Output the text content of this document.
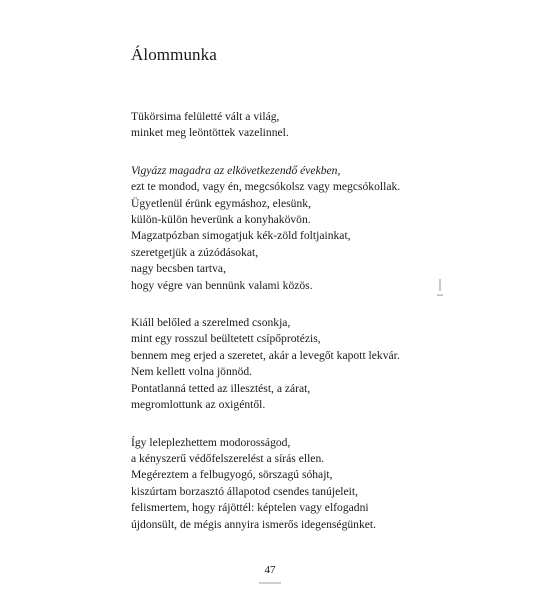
Álommunka
Tükörsima felületté vált a világ,
minket meg leöntöttek vazelinnel.
Vigyázz magadra az elkövetkezendő években,
ezt te mondod, vagy én, megcsókolsz vagy megcsókollak.
Ügyetlenül érünk egymáshoz, elesünk,
külön-külön heverünk a konyhakövön.
Magzatpózban simogatjuk kék-zöld foltjainkat,
szeretgetjük a zúzódásokat,
nagy becsben tartva,
hogy végre van bennünk valami közös.
Kiáll belőled a szerelmed csonkja,
mint egy rosszul beültetett csípőprotézis,
bennem meg erjed a szeretet, akár a levegőt kapott lekvár.
Nem kellett volna jönnöd.
Pontatlanná tetted az illesztést, a zárat,
megromlottunk az oxigéntől.
Így leleplezhettem modorosságod,
a kényszerű védőfelszerelést a sírás ellen.
Megéreztem a felbugyogó, sörszagú sóhajt,
kiszúrtam borzasztó állapotod csendes tanújeleit,
felismertem, hogy rájöttél: képtelen vagy elfogadni
újdonsült, de mégis annyira ismerős idegenségünket.
47
